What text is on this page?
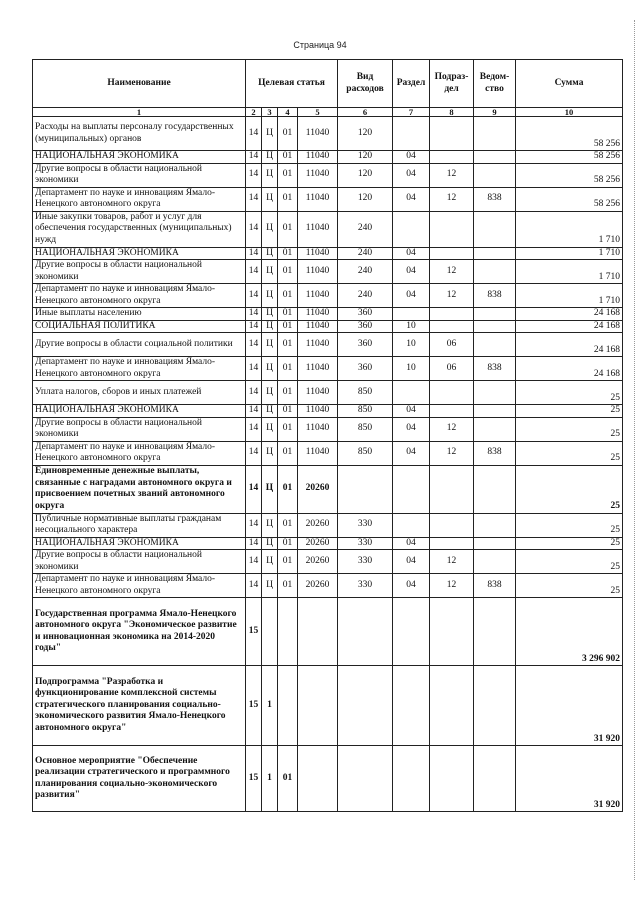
Страница 94
Наименование	Целевая статья				Вид расходов	Раздел	Подраз-дел	Ведом-ство	Сумма
1	2	3	4	5	6	7	8	9	10
Расходы на выплаты персоналу государственных (муниципальных) органов	14	Ц	01	11040	120				58 256
НАЦИОНАЛЬНАЯ ЭКОНОМИКА	14	Ц	01	11040	120	04			58 256
Другие вопросы в области национальной экономики	14	Ц	01	11040	120	04	12		58 256
Департамент по науке и инновациям Ямало-Ненецкого автономного округа	14	Ц	01	11040	120	04	12	838	58 256
Иные закупки товаров, работ и услуг для обеспечения государственных (муниципальных) нужд	14	Ц	01	11040	240				1 710
НАЦИОНАЛЬНАЯ ЭКОНОМИКА	14	Ц	01	11040	240	04			1 710
Другие вопросы в области национальной экономики	14	Ц	01	11040	240	04	12		1 710
Департамент по науке и инновациям Ямало-Ненецкого автономного округа	14	Ц	01	11040	240	04	12	838	1 710
Иные выплаты населению	14	Ц	01	11040	360				24 168
СОЦИАЛЬНАЯ ПОЛИТИКА	14	Ц	01	11040	360	10			24 168
Другие вопросы в области социальной политики	14	Ц	01	11040	360	10	06		24 168
Департамент по науке и инновациям Ямало-Ненецкого автономного округа	14	Ц	01	11040	360	10	06	838	24 168
Уплата налогов, сборов и иных платежей	14	Ц	01	11040	850				25
НАЦИОНАЛЬНАЯ ЭКОНОМИКА	14	Ц	01	11040	850	04			25
Другие вопросы в области национальной экономики	14	Ц	01	11040	850	04	12		25
Департамент по науке и инновациям Ямало-Ненецкого автономного округа	14	Ц	01	11040	850	04	12	838	25
Единовременные денежные выплаты, связанные с наградами автономного округа и присвоением почетных званий автономного округа	14	Ц	01	20260					25
Публичные нормативные выплаты гражданам несоциального характера	14	Ц	01	20260	330				25
НАЦИОНАЛЬНАЯ ЭКОНОМИКА	14	Ц	01	20260	330	04			25
Другие вопросы в области национальной экономики	14	Ц	01	20260	330	04	12		25
Департамент по науке и инновациям Ямало-Ненецкого автономного округа	14	Ц	01	20260	330	04	12	838	25
Государственная программа Ямало-Ненецкого автономного округа "Экономическое развитие и инновационная экономика на 2014-2020 годы"	15								3 296 902
Подпрограмма "Разработка и функционирование комплексной системы стратегического планирования социально-экономического развития Ямало-Ненецкого автономного округа"	15	1							31 920
Основное мероприятие "Обеспечение реализации стратегического и программного планирования социально-экономического развития"	15	1	01						31 920
